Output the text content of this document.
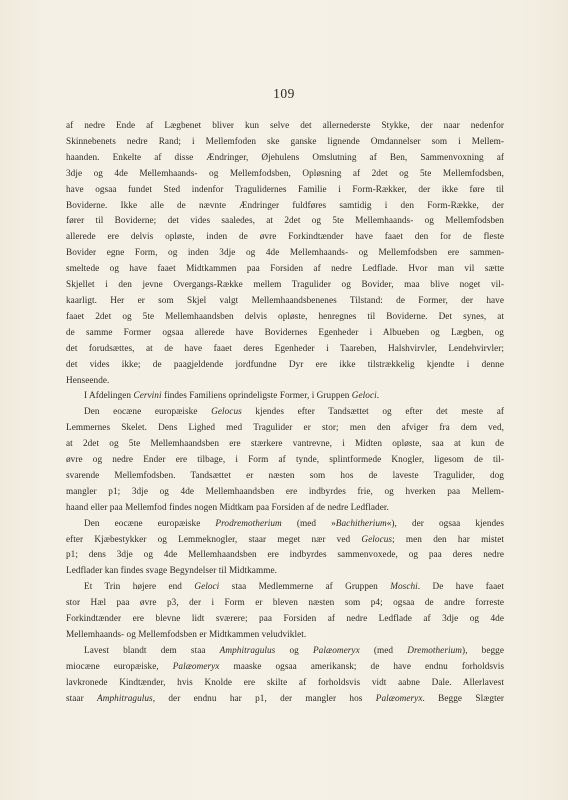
109
af nedre Ende af Lægbenet bliver kun selve det allernederste Stykke, der naar nedenfor
Skinnebenets nedre Rand; i Mellemfoden ske ganske lignende Omdannelser som i Mellem-
haanden. Enkelte af disse Ændringer, Øjehulens Omslutning af Ben, Sammenvoxning af
3dje og 4de Mellemhaands- og Mellemfodsben, Opløsning af 2det og 5te Mellemfodsben,
have ogsaa fundet Sted indenfor Tragulidernes Familie i Form-Rækker, der ikke føre til
Boviderne. Ikke alle de nævnte Ændringer fuldføres samtidig i den Form-Række, der
fører til Boviderne; det vides saaledes, at 2det og 5te Mellemhaands- og Mellemfodsben
allerede ere delvis opløste, inden de øvre Forkindtænder have faaet den for de fleste
Bovider egne Form, og inden 3dje og 4de Mellemhaands- og Mellemfodsben ere sammen-
smeltede og have faaet Midtkammen paa Forsiden af nedre Ledflade. Hvor man vil sætte
Skjellet i den jevne Overgangs-Række mellem Tragulider og Bovider, maa blive noget vil-
kaarligt. Her er som Skjel valgt Mellemhaandsbenenes Tilstand: de Former, der have
faaet 2det og 5te Mellemhaandsben delvis opløste, henregnes til Boviderne. Det synes, at
de samme Former ogsaa allerede have Bovidernes Egenheder i Albueben og Lægben, og
det forudsættes, at de have faaet deres Egenheder i Taareben, Halshvirvler, Lendehvirvler;
det vides ikke; de paagjeldende jordfundne Dyr ere ikke tilstrækkelig kjendte i denne
Henseende.
I Afdelingen Cervini findes Familiens oprindeligste Former, i Gruppen Geloci.
Den eocæne europæiske Gelocus kjendes efter Tandsættet og efter det meste af
Lemmernes Skelet. Dens Lighed med Tragulider er stor; men den afviger fra dem ved,
at 2det og 5te Mellemhaandsben ere stærkere vantrevne, i Midten opløste, saa at kun de
øvre og nedre Ender ere tilbage, i Form af tynde, splintformede Knogler, ligesom de til-
svarende Mellemfodsben. Tandsættet er næsten som hos de laveste Tragulider, dog
mangler p1; 3dje og 4de Mellemhaandsben ere indbyrdes frie, og hverken paa Mellem-
haand eller paa Mellemfod findes nogen Midtkam paa Forsiden af de nedre Ledflader.
Den eocæne europæiske Prodremotherium (med »Bachitherium«), der ogsaa kjendes
efter Kjæbestykker og Lemmeknogler, staar meget nær ved Gelocus; men den har mistet
p1; dens 3dje og 4de Mellemhaandsben ere indbyrdes sammenvoxede, og paa deres nedre
Ledflader kan findes svage Begyndelser til Midtkamme.
Et Trin højere end Geloci staa Medlemmerne af Gruppen Moschi. De have faaet
stor Hæl paa øvre p3, der i Form er bleven næsten som p4; ogsaa de andre forreste
Forkindtænder ere blevne lidt sværere; paa Forsiden af nedre Ledflade af 3dje og 4de
Mellemhaands- og Mellemfodsben er Midtkammen veludviklet.
Lavest blandt dem staa Amphitragulus og Palæomeryx (med Dremotherium), begge
miocæne europæiske, Palæomeryx maaske ogsaa amerikansk; de have endnu forholdsvis
lavkronede Kindtænder, hvis Knolde ere skilte af forholdsvis vidt aabne Dale. Allerlavest
staar Amphitragulus, der endnu har p1, der mangler hos Palæomeryx. Begge Slægter
